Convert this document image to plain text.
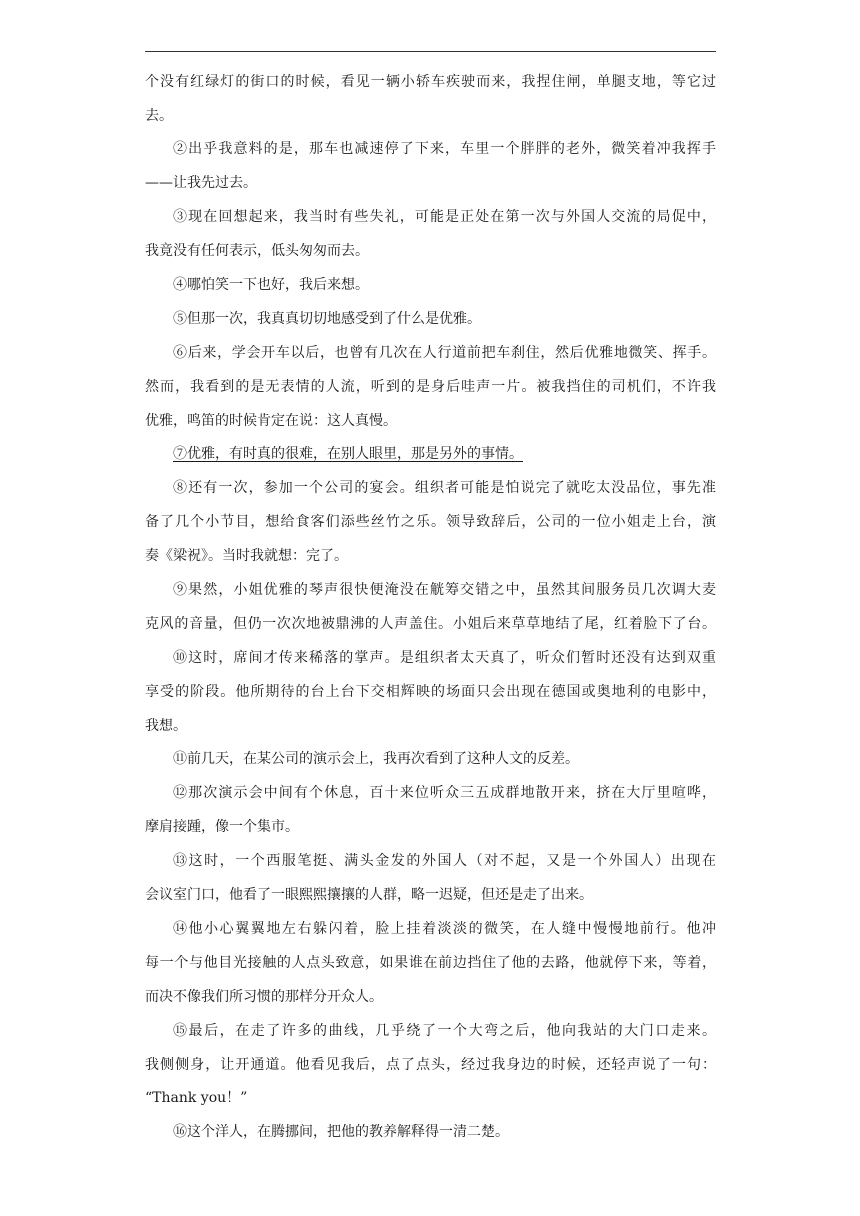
个没有红绿灯的街口的时候，看见一辆小轿车疾驶而来，我捏住闸，单腿支地，等它过
去。
②出乎我意料的是，那车也减速停了下来，车里一个胖胖的老外，微笑着冲我挥手
——让我先过去。
③现在回想起来，我当时有些失礼，可能是正处在第一次与外国人交流的局促中，
我竟没有任何表示，低头匆匆而去。
④哪怕笑一下也好，我后来想。
⑤但那一次，我真真切切地感受到了什么是优雅。
⑥后来，学会开车以后，也曾有几次在人行道前把车刹住，然后优雅地微笑、挥手。
然而，我看到的是无表情的人流，听到的是身后哇声一片。被我挡住的司机们，不许我
优雅，鸣笛的时候肯定在说：这人真慢。
⑦优雅，有时真的很难，在别人眼里，那是另外的事情。
⑧还有一次，参加一个公司的宴会。组织者可能是怕说完了就吃太没品位，事先准
备了几个小节目，想给食客们添些丝竹之乐。领导致辞后，公司的一位小姐走上台，演
奏《梁祝》。当时我就想：完了。
⑨果然，小姐优雅的琴声很快便淹没在觥筹交错之中，虽然其间服务员几次调大麦
克风的音量，但仍一次次地被鼎沸的人声盖住。小姐后来草草地结了尾，红着脸下了台。
⑩这时，席间才传来稀落的掌声。是组织者太天真了，听众们暂时还没有达到双重
享受的阶段。他所期待的台上台下交相辉映的场面只会出现在德国或奥地利的电影中，
我想。
⑪前几天，在某公司的演示会上，我再次看到了这种人文的反差。
⑫那次演示会中间有个休息，百十来位听众三五成群地散开来，挤在大厅里喧哗，
摩肩接踵，像一个集市。
⑬这时，一个西服笔挺、满头金发的外国人（对不起，又是一个外国人）出现在
会议室门口，他看了一眼熙熙攘攘的人群，略一迟疑，但还是走了出来。
⑭他小心翼翼地左右躲闪着，脸上挂着淡淡的微笑，在人缝中慢慢地前行。他冲
每一个与他目光接触的人点头致意，如果谁在前边挡住了他的去路，他就停下来，等着，
而决不像我们所习惯的那样分开众人。
⑮最后，在走了许多的曲线，几乎绕了一个大弯之后，他向我站的大门口走来。
我侧侧身，让开通道。他看见我后，点了点头，经过我身边的时候，还轻声说了一句：
“Thank you！”
⑯这个洋人，在腾挪间，把他的教养解释得一清二楚。
